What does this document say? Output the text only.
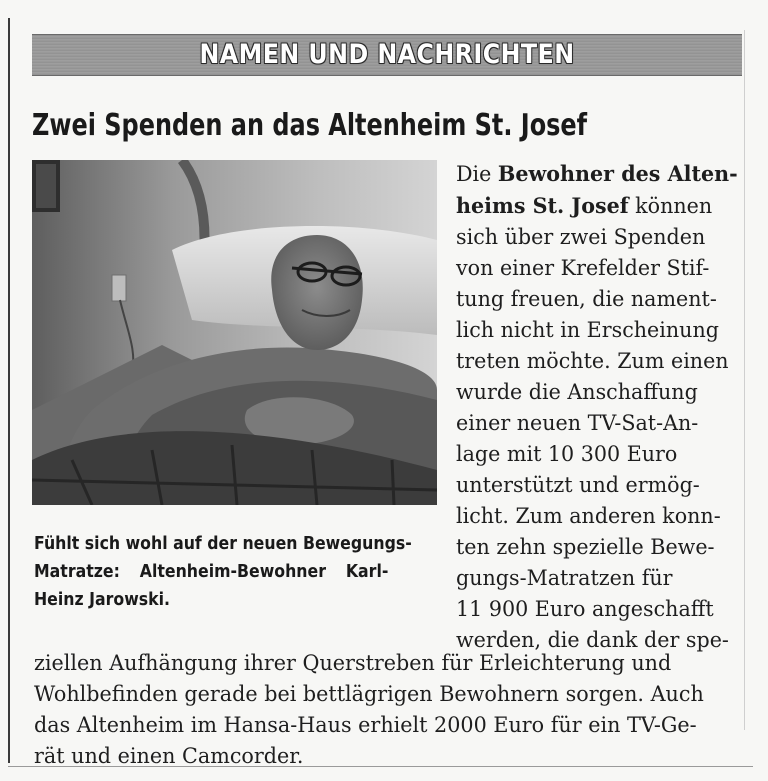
NAMEN UND NACHRICHTEN
Zwei Spenden an das Altenheim St. Josef
Fühlt sich wohl auf der neuen Bewegungs-
Matratze: Altenheim-Bewohner Karl-
Heinz Jarowski.
Die Bewohner des Alten-
heims St. Josef können
sich über zwei Spenden
von einer Krefelder Stif-
tung freuen, die nament-
lich nicht in Erscheinung
treten möchte. Zum einen
wurde die Anschaffung
einer neuen TV-Sat-An-
lage mit 10 300 Euro
unterstützt und ermög-
licht. Zum anderen konn-
ten zehn spezielle Bewe-
gungs-Matratzen für
11 900 Euro angeschafft
werden, die dank der spe-
ziellen Aufhängung ihrer Querstreben für Erleichterung und
Wohlbefinden gerade bei bettlägrigen Bewohnern sorgen. Auch
das Altenheim im Hansa-Haus erhielt 2000 Euro für ein TV-Ge-
rät und einen Camcorder.
